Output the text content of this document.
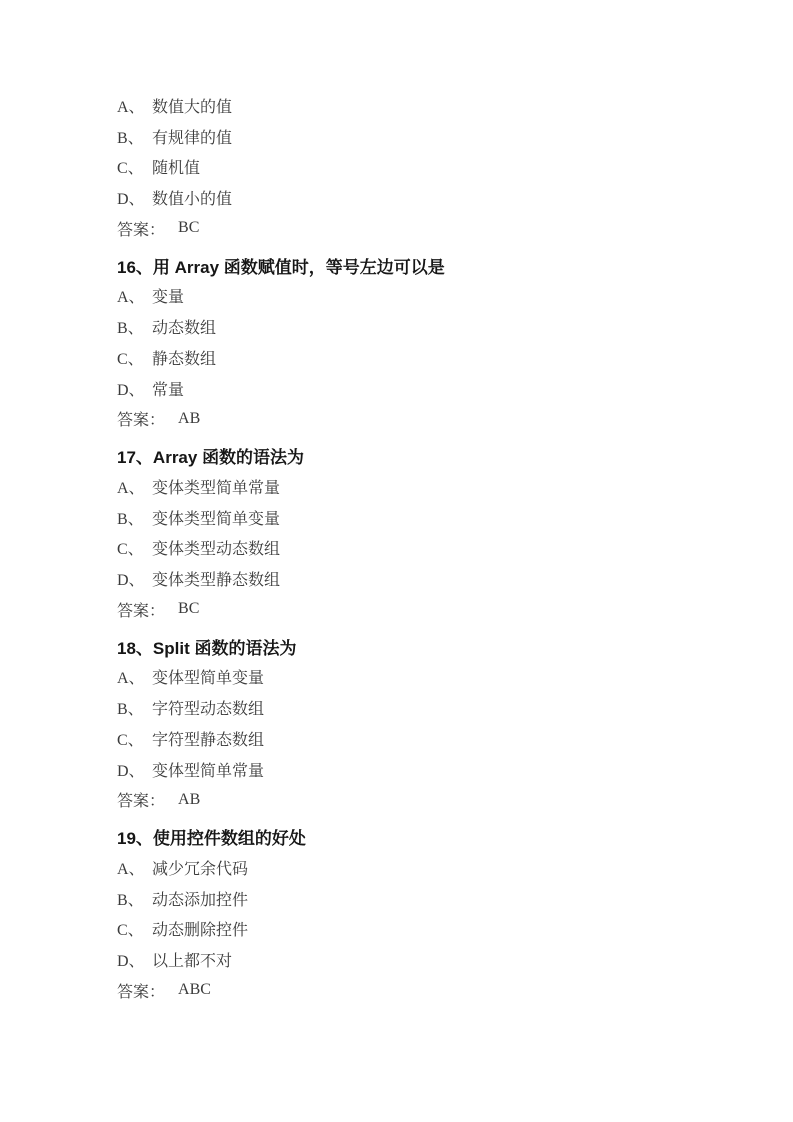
A、 数值大的值
B、 有规律的值
C、 随机值
D、 数值小的值
答案： BC
16、 用 Array 函数赋值时，等号左边可以是
A、 变量
B、 动态数组
C、 静态数组
D、 常量
答案： AB
17、 Array 函数的语法为
A、 变体类型简单常量
B、 变体类型简单变量
C、 变体类型动态数组
D、 变体类型静态数组
答案： BC
18、 Split 函数的语法为
A、 变体型简单变量
B、 字符型动态数组
C、 字符型静态数组
D、 变体型简单常量
答案： AB
19、 使用控件数组的好处
A、 减少冗余代码
B、 动态添加控件
C、 动态删除控件
D、 以上都不对
答案： ABC
